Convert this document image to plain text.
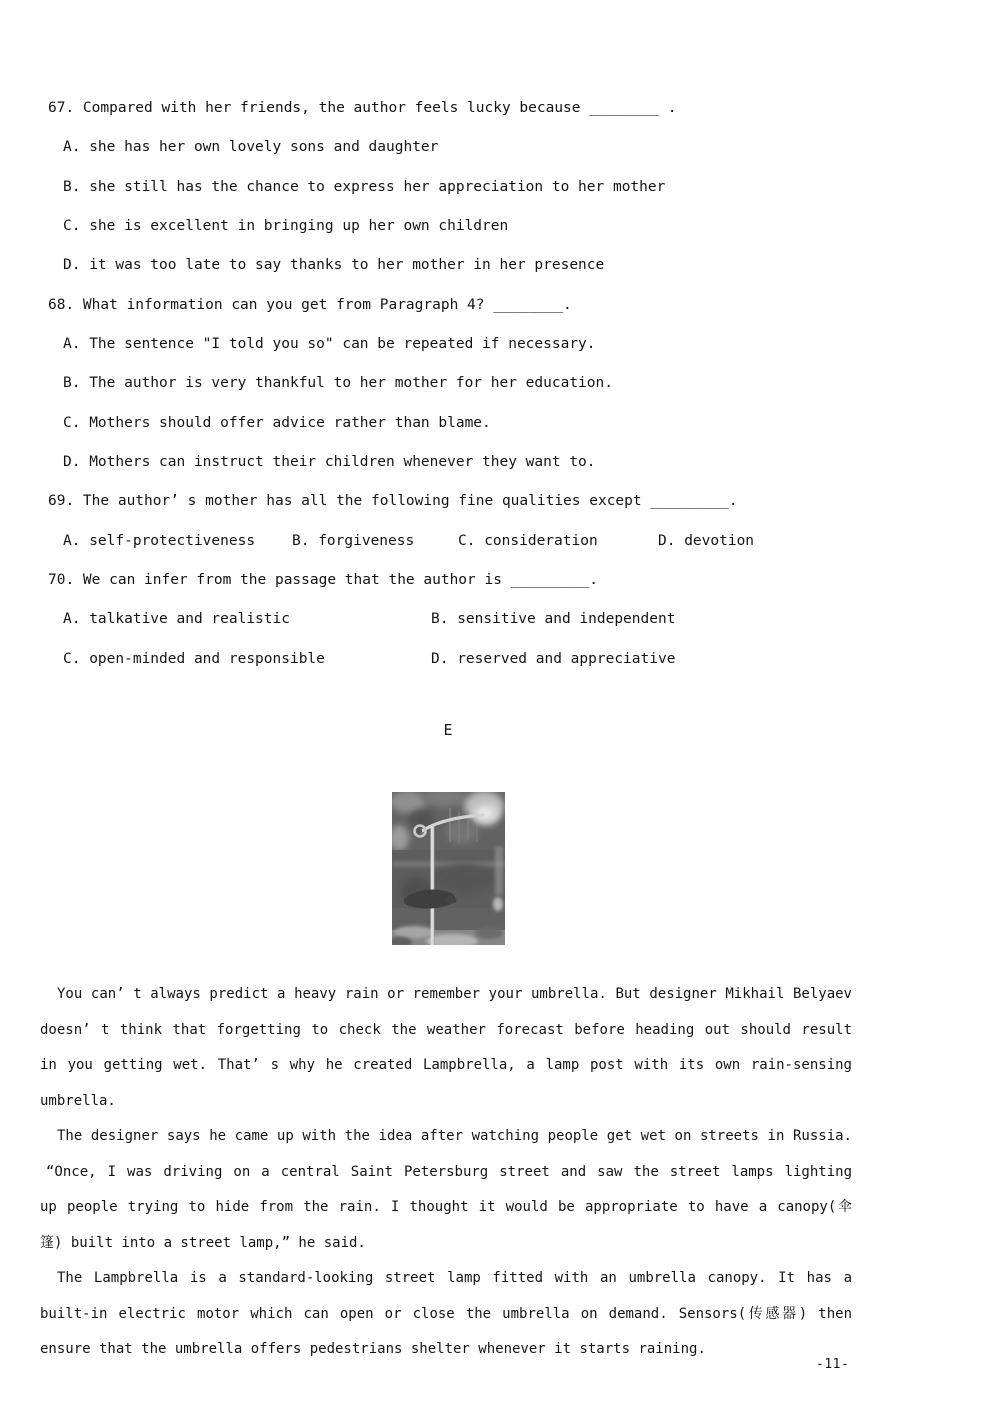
67. Compared with her friends, the author feels lucky because ________ .
A. she has her own lovely sons and daughter
B. she still has the chance to express her appreciation to her mother
C. she is excellent in bringing up her own children
D. it was too late to say thanks to her mother in her presence
68. What information can you get from Paragraph 4? ________.
A. The sentence "I told you so" can be repeated if necessary.
B. The author is very thankful to her mother for her education.
C. Mothers should offer advice rather than blame.
D. Mothers can instruct their children whenever they want to.
69. The author’ s mother has all the following fine qualities except _________.

A. self-protectiveness

	B. forgiveness

	C. consideration

	D. devotion

70. We can infer from the passage that the author is _________.

A. talkative and realistic

	B. sensitive and independent

C. open-minded and responsible

	D. reserved and appreciative

E
You can’ t always predict a heavy rain or remember your umbrella. But designer Mikhail Belyaev
doesn’ t think that forgetting to check the weather forecast before heading out should result
in you getting wet. That’ s why he created Lampbrella, a lamp post with its own rain-sensing
umbrella.
The designer says he came up with the idea after watching people get wet on streets in Russia.
“Once, I was driving on a central Saint Petersburg street and saw the street lamps lighting
up people trying to hide from the rain. I thought it would be appropriate to have a canopy(伞
篷) built into a street lamp,” he said.
The Lampbrella is a standard-looking street lamp fitted with an umbrella canopy. It has a
built-in electric motor which can open or close the umbrella on demand. Sensors(传感器) then
ensure that the umbrella offers pedestrians shelter whenever it starts raining.
-11-
